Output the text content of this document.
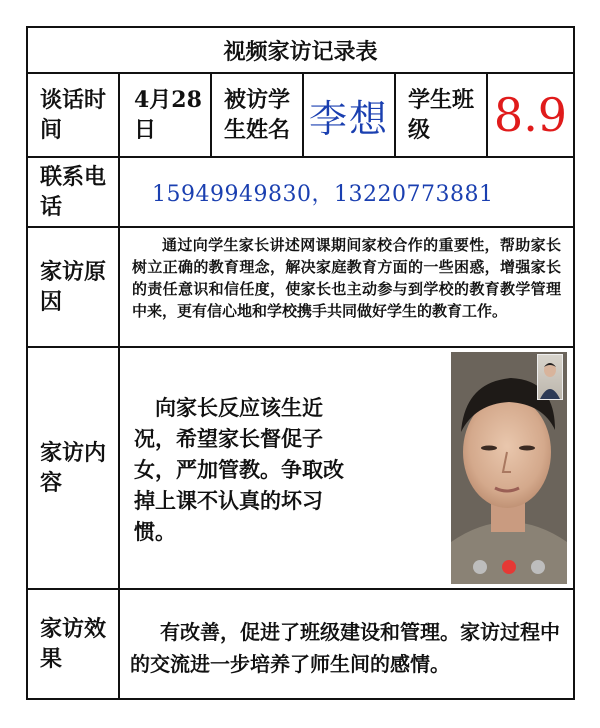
视频家访记录表
谈话时间
4月28日
被访学生姓名 李想 学生班级	8.9
联系电话	15949949830，13220773881
家访原因
通过向学生家长讲述网课期间家校合作的重要性，帮助家长树立正确的教育理念，解决家庭教育方面的一些困惑，增强家长的责任意识和信任度，使家长也主动参与到学校的教育教学管理中来，更有信心地和学校携手共同做好学生的教育工作。
家访内容
向家长反应该生近况，希望家长督促子女，严加管教。争取改掉上课不认真的坏习惯。
家访效果
有改善，促进了班级建设和管理。家访过程中的交流进一步培养了师生间的感情。
